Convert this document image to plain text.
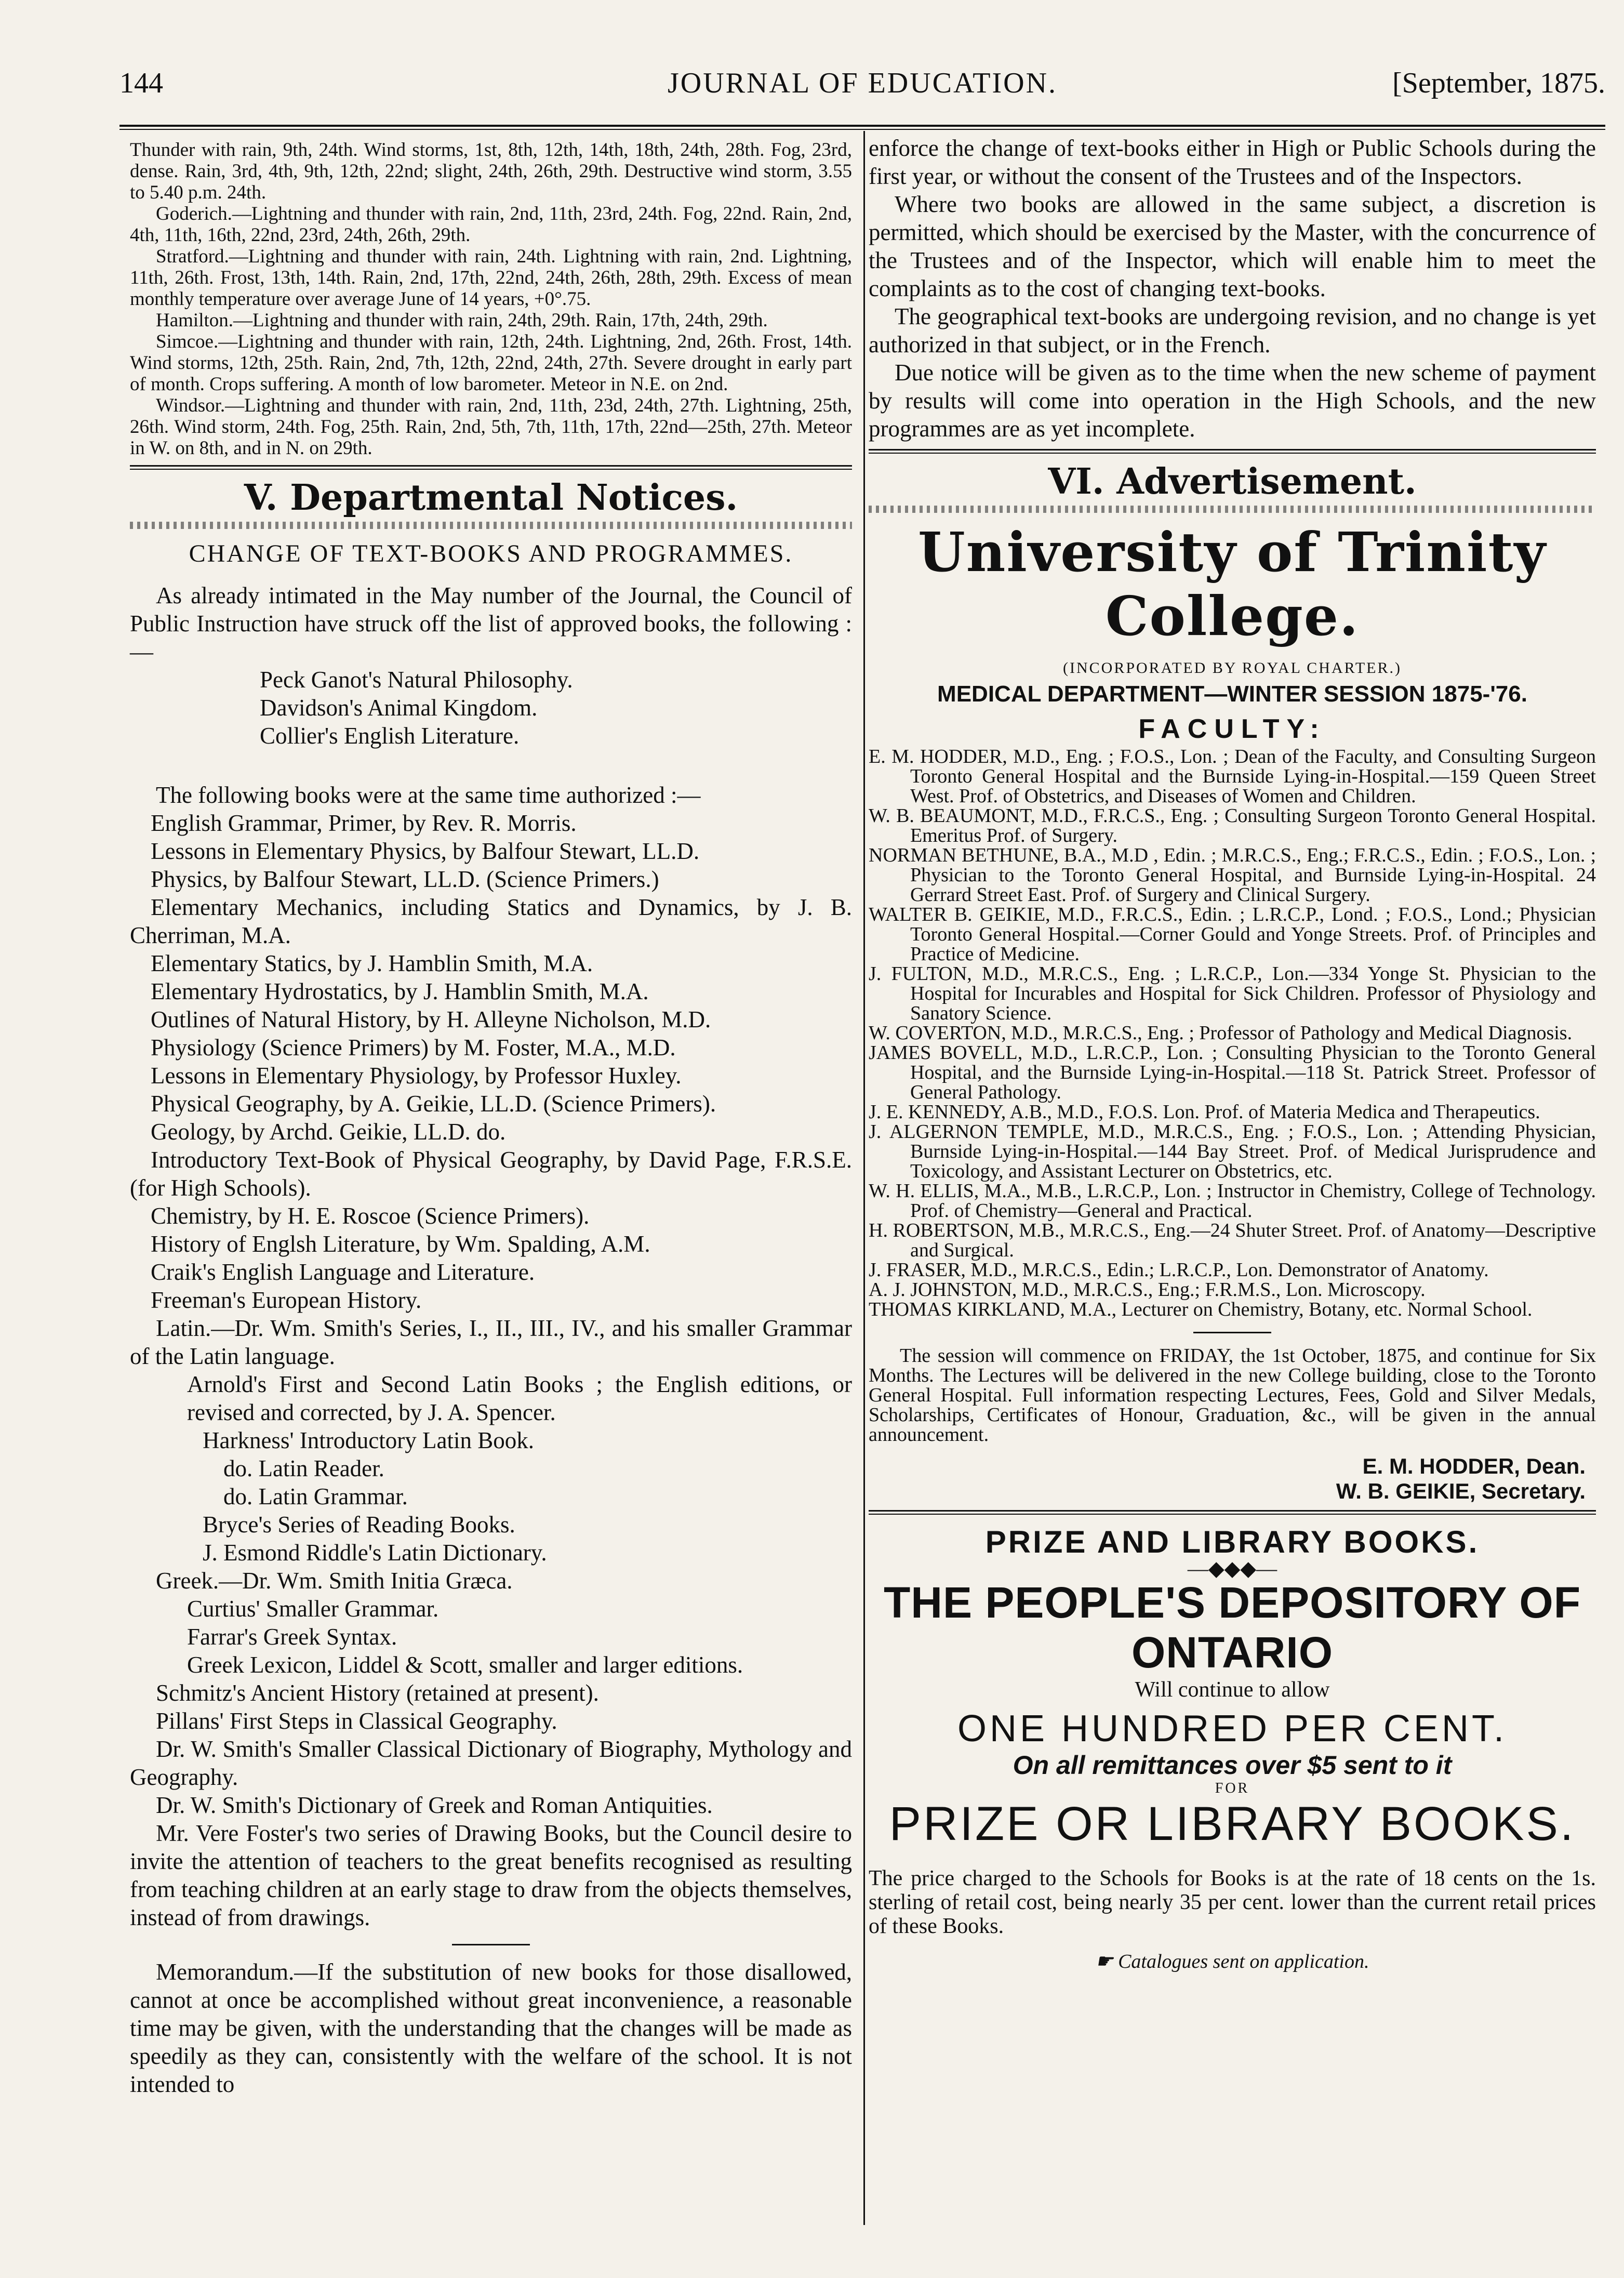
144	JOURNAL OF EDUCATION.	[September, 1875.

Thunder with rain, 9th, 24th. Wind storms, 1st, 8th, 12th, 14th, 18th, 24th, 28th. Fog, 23rd, dense. Rain, 3rd, 4th, 9th, 12th, 22nd; slight, 24th, 26th, 29th. Destructive wind storm, 3.55 to 5.40 p.m. 24th.

Goderich.—Lightning and thunder with rain, 2nd, 11th, 23rd, 24th. Fog, 22nd. Rain, 2nd, 4th, 11th, 16th, 22nd, 23rd, 24th, 26th, 29th.

Stratford.—Lightning and thunder with rain, 24th. Lightning with rain, 2nd. Lightning, 11th, 26th. Frost, 13th, 14th. Rain, 2nd, 17th, 22nd, 24th, 26th, 28th, 29th. Excess of mean monthly temperature over average June of 14 years, +0°.75.

Hamilton.—Lightning and thunder with rain, 24th, 29th. Rain, 17th, 24th, 29th.

Simcoe.—Lightning and thunder with rain, 12th, 24th. Lightning, 2nd, 26th. Frost, 14th. Wind storms, 12th, 25th. Rain, 2nd, 7th, 12th, 22nd, 24th, 27th. Severe drought in early part of month. Crops suffering. A month of low barometer. Meteor in N.E. on 2nd.

Windsor.—Lightning and thunder with rain, 2nd, 11th, 23d, 24th, 27th. Lightning, 25th, 26th. Wind storm, 24th. Fog, 25th. Rain, 2nd, 5th, 7th, 11th, 17th, 22nd—25th, 27th. Meteor in W. on 8th, and in N. on 29th.

V. Departmental Notices.
CHANGE OF TEXT-BOOKS AND PROGRAMMES.

As already intimated in the May number of the Journal, the Council of Public Instruction have struck off the list of approved books, the following :—

Peck Ganot's Natural Philosophy.

Davidson's Animal Kingdom.

Collier's English Literature.

The following books were at the same time authorized :—

English Grammar, Primer, by Rev. R. Morris.

Lessons in Elementary Physics, by Balfour Stewart, LL.D.

Physics, by Balfour Stewart, LL.D. (Science Primers.)

Elementary Mechanics, including Statics and Dynamics, by J. B. Cherriman, M.A.

Elementary Statics, by J. Hamblin Smith, M.A.

Elementary Hydrostatics, by J. Hamblin Smith, M.A.

Outlines of Natural History, by H. Alleyne Nicholson, M.D.

Physiology (Science Primers) by M. Foster, M.A., M.D.

Lessons in Elementary Physiology, by Professor Huxley.

Physical Geography, by A. Geikie, LL.D. (Science Primers).

Geology, by Archd. Geikie, LL.D. do.

Introductory Text-Book of Physical Geography, by David Page, F.R.S.E. (for High Schools).

Chemistry, by H. E. Roscoe (Science Primers).

History of Englsh Literature, by Wm. Spalding, A.M.

Craik's English Language and Literature.

Freeman's European History.

Latin.—Dr. Wm. Smith's Series, I., II., III., IV., and his smaller Grammar of the Latin language.

Arnold's First and Second Latin Books ; the English editions, or revised and corrected, by J. A. Spencer.

Harkness' Introductory Latin Book.

do. Latin Reader.

do. Latin Grammar.

Bryce's Series of Reading Books.

J. Esmond Riddle's Latin Dictionary.

Greek.—Dr. Wm. Smith Initia Græca.

Curtius' Smaller Grammar.

Farrar's Greek Syntax.

Greek Lexicon, Liddel & Scott, smaller and larger editions.

Schmitz's Ancient History (retained at present).

Pillans' First Steps in Classical Geography.

Dr. W. Smith's Smaller Classical Dictionary of Biography, Mythology and Geography.

Dr. W. Smith's Dictionary of Greek and Roman Antiquities.

Mr. Vere Foster's two series of Drawing Books, but the Council desire to invite the attention of teachers to the great benefits recognised as resulting from teaching children at an early stage to draw from the objects themselves, instead of from drawings.

Memorandum.—If the substitution of new books for those disallowed, cannot at once be accomplished without great inconvenience, a reasonable time may be given, with the understanding that the changes will be made as speedily as they can, consistently with the welfare of the school. It is not intended to

enforce the change of text-books either in High or Public Schools during the first year, or without the consent of the Trustees and of the Inspectors.

Where two books are allowed in the same subject, a discretion is permitted, which should be exercised by the Master, with the concurrence of the Trustees and of the Inspector, which will enable him to meet the complaints as to the cost of changing text-books.

The geographical text-books are undergoing revision, and no change is yet authorized in that subject, or in the French.

Due notice will be given as to the time when the new scheme of payment by results will come into operation in the High Schools, and the new programmes are as yet incomplete.

VI. Advertisement.
University of Trinity College.
(INCORPORATED BY ROYAL CHARTER.)
MEDICAL DEPARTMENT—WINTER SESSION 1875-'76.
FACULTY:

E. M. HODDER, M.D., Eng. ; F.O.S., Lon. ; Dean of the Faculty, and Consulting Surgeon Toronto General Hospital and the Burnside Lying-in-Hospital.—159 Queen Street West. Prof. of Obstetrics, and Diseases of Women and Children.

W. B. BEAUMONT, M.D., F.R.C.S., Eng. ; Consulting Surgeon Toronto General Hospital. Emeritus Prof. of Surgery.

NORMAN BETHUNE, B.A., M.D , Edin. ; M.R.C.S., Eng.; F.R.C.S., Edin. ; F.O.S., Lon. ; Physician to the Toronto General Hospital, and Burnside Lying-in-Hospital. 24 Gerrard Street East. Prof. of Surgery and Clinical Surgery.

WALTER B. GEIKIE, M.D., F.R.C.S., Edin. ; L.R.C.P., Lond. ; F.O.S., Lond.; Physician Toronto General Hospital.—Corner Gould and Yonge Streets. Prof. of Principles and Practice of Medicine.

J. FULTON, M.D., M.R.C.S., Eng. ; L.R.C.P., Lon.—334 Yonge St. Physician to the Hospital for Incurables and Hospital for Sick Children. Professor of Physiology and Sanatory Science.

W. COVERTON, M.D., M.R.C.S., Eng. ; Professor of Pathology and Medical Diagnosis.

JAMES BOVELL, M.D., L.R.C.P., Lon. ; Consulting Physician to the Toronto General Hospital, and the Burnside Lying-in-Hospital.—118 St. Patrick Street. Professor of General Pathology.

J. E. KENNEDY, A.B., M.D., F.O.S. Lon. Prof. of Materia Medica and Therapeutics.

J. ALGERNON TEMPLE, M.D., M.R.C.S., Eng. ; F.O.S., Lon. ; Attending Physician, Burnside Lying-in-Hospital.—144 Bay Street. Prof. of Medical Jurisprudence and Toxicology, and Assistant Lecturer on Obstetrics, etc.

W. H. ELLIS, M.A., M.B., L.R.C.P., Lon. ; Instructor in Chemistry, College of Technology. Prof. of Chemistry—General and Practical.

H. ROBERTSON, M.B., M.R.C.S., Eng.—24 Shuter Street. Prof. of Anatomy—Descriptive and Surgical.

J. FRASER, M.D., M.R.C.S., Edin.; L.R.C.P., Lon. Demonstrator of Anatomy.

A. J. JOHNSTON, M.D., M.R.C.S., Eng.; F.R.M.S., Lon. Microscopy.

THOMAS KIRKLAND, M.A., Lecturer on Chemistry, Botany, etc. Normal School.

The session will commence on FRIDAY, the 1st October, 1875, and continue for Six Months. The Lectures will be delivered in the new College building, close to the Toronto General Hospital. Full information respecting Lectures, Fees, Gold and Silver Medals, Scholarships, Certificates of Honour, Graduation, &c., will be given in the annual announcement.

E. M. HODDER, Dean.
W. B. GEIKIE, Secretary.
PRIZE AND LIBRARY BOOKS.
—◆◆◆—
THE PEOPLE'S DEPOSITORY OF ONTARIO
Will continue to allow
ONE HUNDRED PER CENT.
On all remittances over $5 sent to it
FOR
PRIZE OR LIBRARY BOOKS.
The price charged to the Schools for Books is at the rate of 18 cents on the 1s. sterling of retail cost, being nearly 35 per cent. lower than the current retail prices of these Books.
☛ Catalogues sent on application.
